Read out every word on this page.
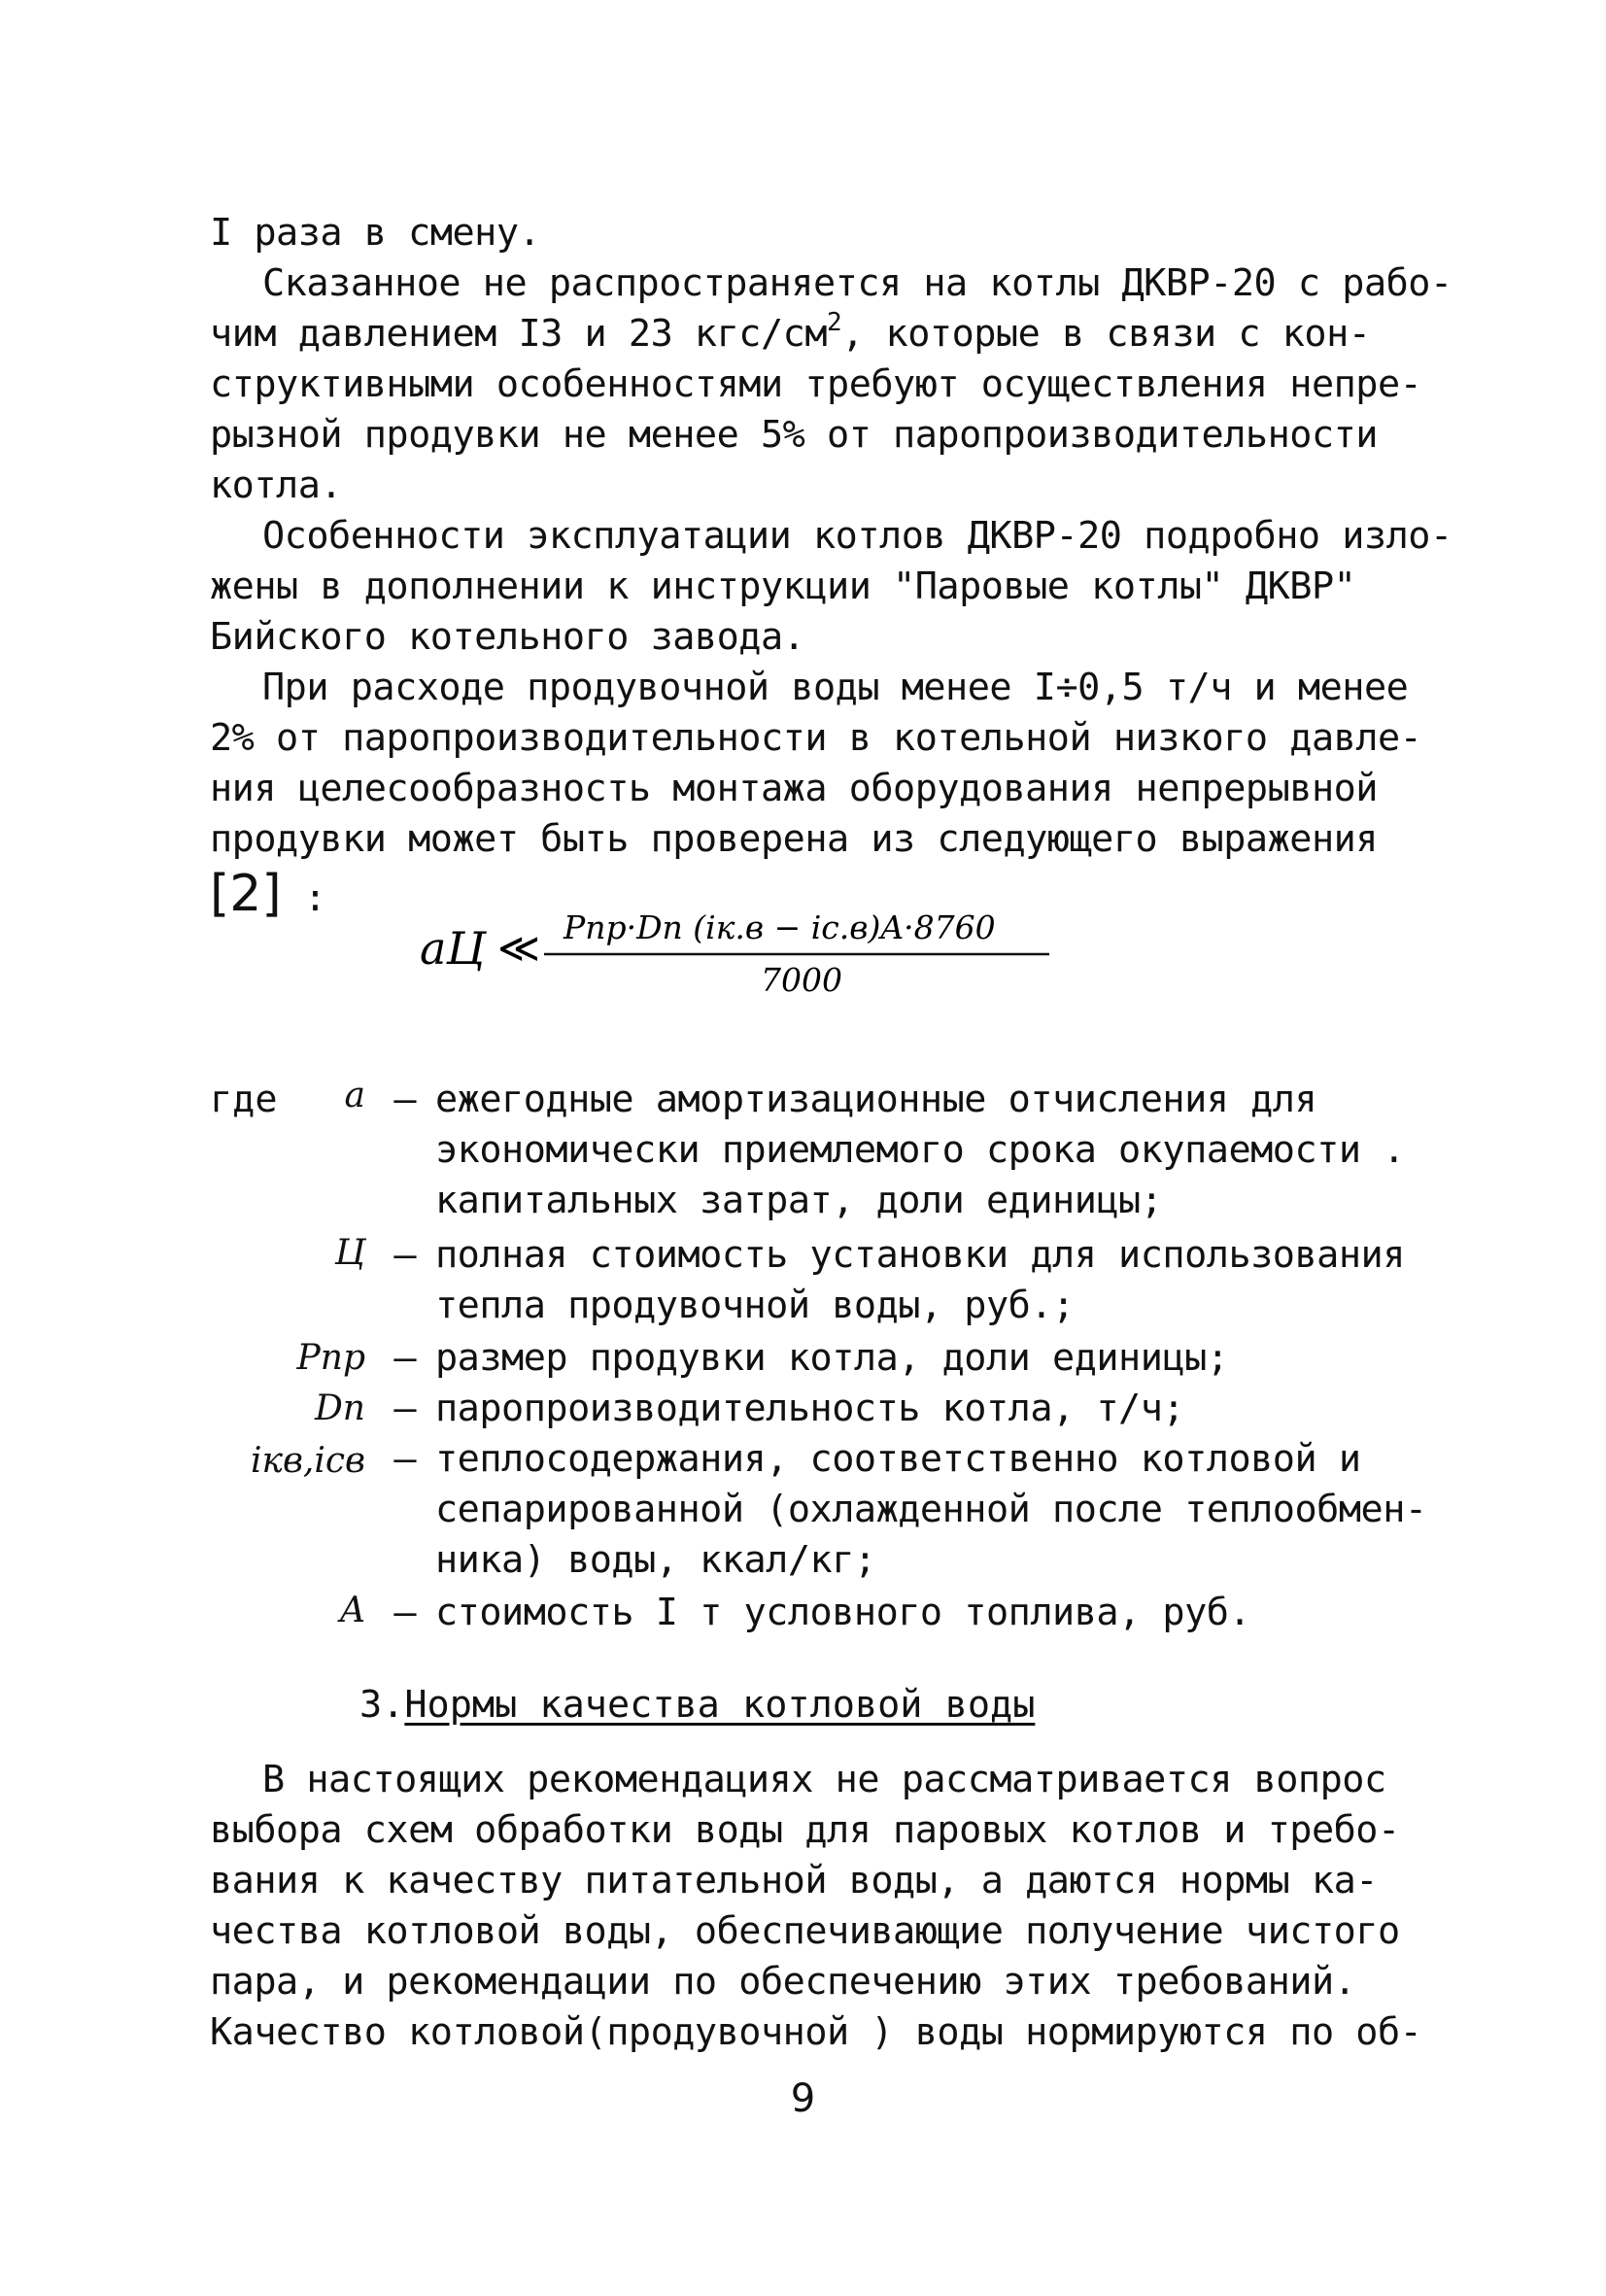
I раза в смену.
Сказанное не распространяется на котлы ДКВР-20 с рабо-
чим давлением I3 и 23 кгс/$см^2$, которые в связи с кон-
структивными особенностями требуют осуществления непре-
рызной продувки не менее 5% от паропроизводительности
котла.
Особенности эксплуатации котлов ДКВР-20 подробно изло-
жены в дополнении к инструкции "Паровые котлы" ДКВР"
Бийского котельного завода.
При расходе продувочной воды менее I÷0,5 т/ч и менее
2% от паропроизводительности в котельной низкого давле-
ния целесообразность монтажа оборудования непрерывной
продувки может быть проверена из следующего выражения
[2] :
aЦ ≪ Pпр·Dп (iк.в − iс.в)A·8760
7000
где	a – ежегодные амортизационные отчисления для
экономически приемлемого срока окупаемости .
капитальных затрат, доли единицы;
Ц – полная стоимость установки для использования
тепла продувочной воды, руб.;
Pпр – размер продувки котла, доли единицы;
Dп – паропроизводительность котла, т/ч;
iкв,iсв – теплосодержания, соответственно котловой и
сепарированной (охлажденной после теплообмен-
ника) воды, ккал/кг;
A – стоимость I т условного топлива, руб.
3.Нормы качества котловой воды
В настоящих рекомендациях не рассматривается вопрос
выбора схем обработки воды для паровых котлов и требо-
вания к качеству питательной воды, а даются нормы ка-
чества котловой воды, обеспечивающие получение чистого
пара, и рекомендации по обеспечению этих требований.
Качество котловой(продувочной ) воды нормируются по об-
9
